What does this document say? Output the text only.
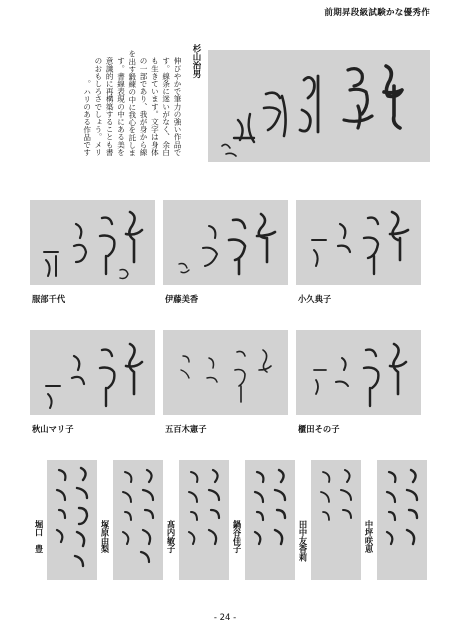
前期昇段級試験かな優秀作
杉山治男
伸びやかで筆力の強い作品で
す。線条に迷いがなく、余白
も生きています。文字は身体
の一部であり、我が身から線
を出す鍛練の中に我心を託しま
す。書線表現の中にある美を
意識的に再構築することも書
のおもしろさでしょう。メリ
ハリのある作品です。
服部千代	伊藤美香	小久典子
秋山マリ子	五百木憲子	櫃田その子
堀口　豊	塚原由梨	髙内敏子	鍋谷佳子	田中友香莉	中坪咲恵
- 24 -
